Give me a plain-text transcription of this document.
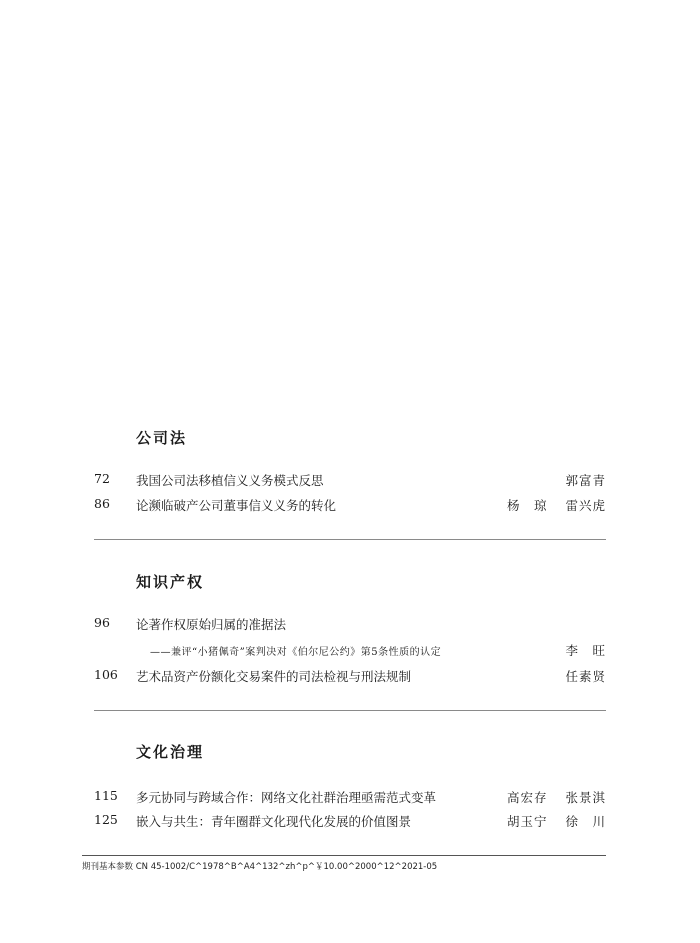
公司法
72 我国公司法移植信义义务模式反思	郭富青
86 论濒临破产公司董事信义义务的转化	杨　琼 雷兴虎
知识产权
96 论著作权原始归属的准据法
——兼评“小猪佩奇”案判决对《伯尔尼公约》第5条性质的认定	李　旺
106 艺术品资产份额化交易案件的司法检视与刑法规制	任素贤
文化治理
115 多元协同与跨域合作：网络文化社群治理亟需范式变革	高宏存 张景淇
125 嵌入与共生：青年圈群文化现代化发展的价值图景	胡玉宁 徐　川
期刊基本参数 CN 45-1002/C^1978^B^A4^132^zh^p^￥10.00^2000^12^2021-05
